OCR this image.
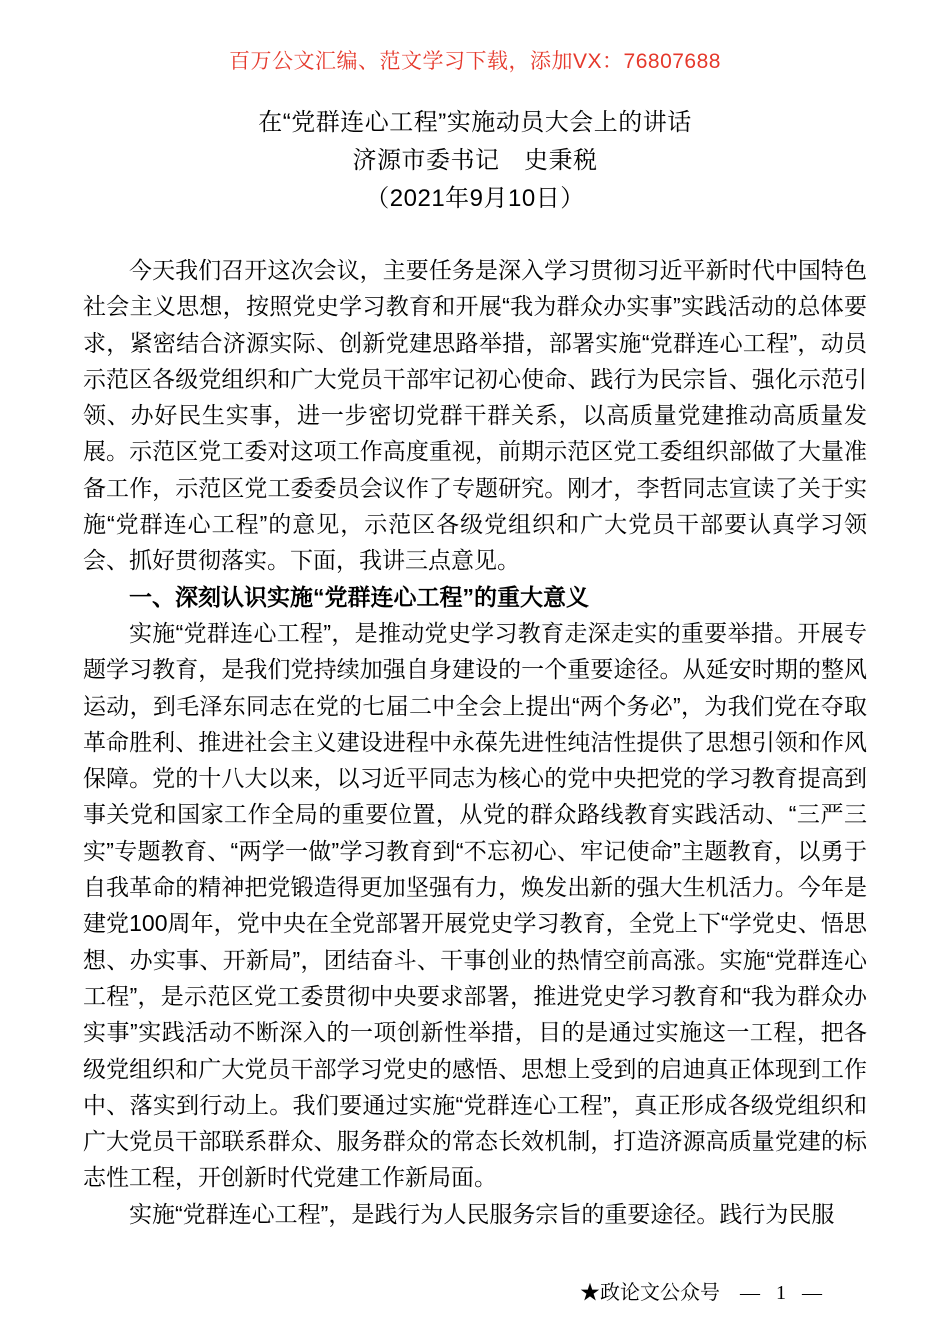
百万公文汇编、范文学习下载，添加VX：76807688
在“党群连心工程”实施动员大会上的讲话
济源市委书记　史秉税
（2021年9月10日）

今天我们召开这次会议，主要任务是深入学习贯彻习近平新时代中国特色社会主义思想，按照党史学习教育和开展“我为群众办实事”实践活动的总体要求，紧密结合济源实际、创新党建思路举措，部署实施“党群连心工程”，动员示范区各级党组织和广大党员干部牢记初心使命、践行为民宗旨、强化示范引领、办好民生实事，进一步密切党群干群关系，以高质量党建推动高质量发展。示范区党工委对这项工作高度重视，前期示范区党工委组织部做了大量准备工作，示范区党工委委员会议作了专题研究。刚才，李哲同志宣读了关于实施“党群连心工程”的意见，示范区各级党组织和广大党员干部要认真学习领会、抓好贯彻落实。下面，我讲三点意见。

一、深刻认识实施“党群连心工程”的重大意义

实施“党群连心工程”，是推动党史学习教育走深走实的重要举措。开展专题学习教育，是我们党持续加强自身建设的一个重要途径。从延安时期的整风运动，到毛泽东同志在党的七届二中全会上提出“两个务必”，为我们党在夺取革命胜利、推进社会主义建设进程中永葆先进性纯洁性提供了思想引领和作风保障。党的十八大以来，以习近平同志为核心的党中央把党的学习教育提高到事关党和国家工作全局的重要位置，从党的群众路线教育实践活动、“三严三实”专题教育、“两学一做”学习教育到“不忘初心、牢记使命”主题教育，以勇于自我革命的精神把党锻造得更加坚强有力，焕发出新的强大生机活力。今年是建党100周年，党中央在全党部署开展党史学习教育，全党上下“学党史、悟思想、办实事、开新局”，团结奋斗、干事创业的热情空前高涨。实施“党群连心工程”，是示范区党工委贯彻中央要求部署，推进党史学习教育和“我为群众办实事”实践活动不断深入的一项创新性举措，目的是通过实施这一工程，把各级党组织和广大党员干部学习党史的感悟、思想上受到的启迪真正体现到工作中、落实到行动上。我们要通过实施“党群连心工程”，真正形成各级党组织和广大党员干部联系群众、服务群众的常态长效机制，打造济源高质量党建的标志性工程，开创新时代党建工作新局面。

实施“党群连心工程”，是践行为人民服务宗旨的重要途径。践行为民服

★政论文公众号 — 1 —
